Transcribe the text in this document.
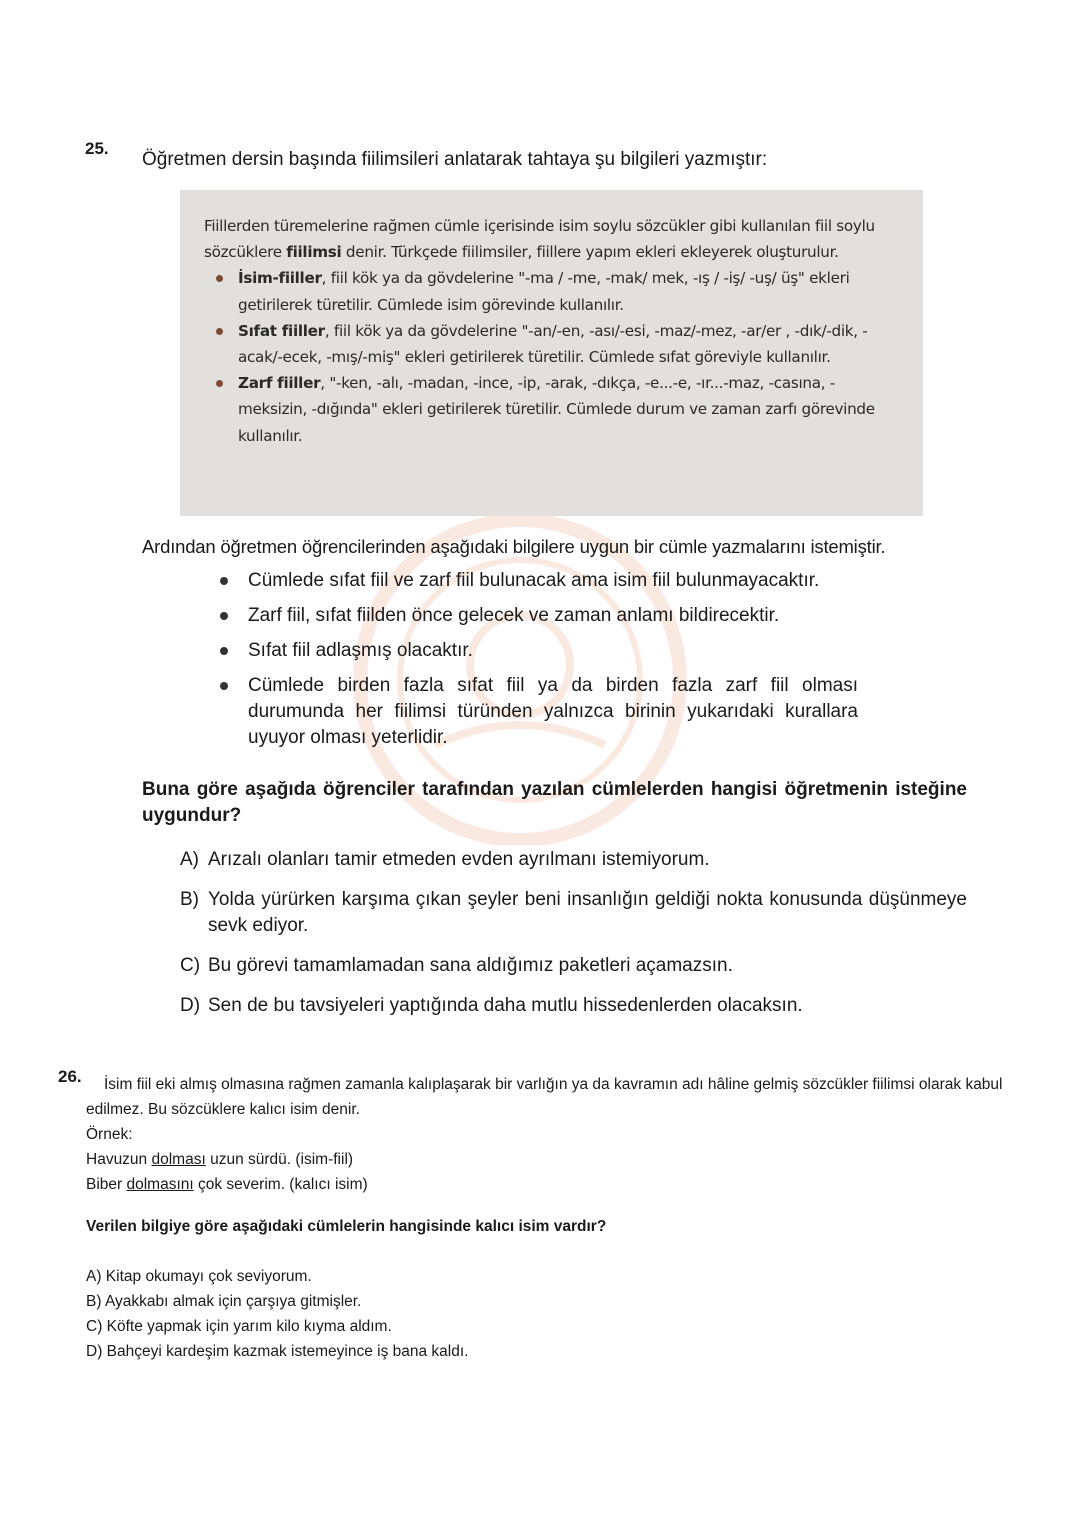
25.
Öğretmen dersin başında fiilimsileri anlatarak tahtaya şu bilgileri yazmıştır:
Fiillerden türemelerine rağmen cümle içerisinde isim soylu sözcükler gibi kullanılan fiil soylu sözcüklere fiilimsi denir. Türkçede fiilimsiler, fiillere yapım ekleri ekleyerek oluşturulur.
İsim-fiiller, fiil kök ya da gövdelerine "-ma / -me, -mak/ mek, -ış / -iş/ -uş/ üş" ekleri getirilerek türetilir. Cümlede isim görevinde kullanılır.
Sıfat fiiller, fiil kök ya da gövdelerine "-an/-en, -ası/-esi, -maz/-mez, -ar/er , -dık/-dik, -acak/-ecek, -mış/-miş" ekleri getirilerek türetilir. Cümlede sıfat göreviyle kullanılır.
Zarf fiiller, "-ken, -alı, -madan, -ince, -ip, -arak, -dıkça, -e...-e, -ır...-maz, -casına, -meksizin, -dığında" ekleri getirilerek türetilir. Cümlede durum ve zaman zarfı görevinde kullanılır.
Ardından öğretmen öğrencilerinden aşağıdaki bilgilere uygun bir cümle yazmalarını istemiştir.
Cümlede sıfat fiil ve zarf fiil bulunacak ama isim fiil bulunmayacaktır.
Zarf fiil, sıfat fiilden önce gelecek ve zaman anlamı bildirecektir.
Sıfat fiil adlaşmış olacaktır.
Cümlede birden fazla sıfat fiil ya da birden fazla zarf fiil olması durumunda her fiilimsi türünden yalnızca birinin yukarıdaki kurallara uyuyor olması yeterlidir.
Buna göre aşağıda öğrenciler tarafından yazılan cümlelerden hangisi öğretmenin isteğine uygundur?
A) Arızalı olanları tamir etmeden evden ayrılmanı istemiyorum.
B) Yolda yürürken karşıma çıkan şeyler beni insanlığın geldiği nokta konusunda düşünmeye sevk ediyor.
C) Bu görevi tamamlamadan sana aldığımız paketleri açamazsın.
D) Sen de bu tavsiyeleri yaptığında daha mutlu hissedenlerden olacaksın.
26.	İsim fiil eki almış olmasına rağmen zamanla kalıplaşarak bir varlığın ya da kavramın adı hâline gelmiş sözcükler fiilimsi olarak kabul edilmez. Bu sözcüklere kalıcı isim denir.
Örnek:
Havuzun dolması uzun sürdü. (isim-fiil)
Biber dolmasını çok severim. (kalıcı isim)
Verilen bilgiye göre aşağıdaki cümlelerin hangisinde kalıcı isim vardır?
A) Kitap okumayı çok seviyorum.
B) Ayakkabı almak için çarşıya gitmişler.
C) Köfte yapmak için yarım kilo kıyma aldım.
D) Bahçeyi kardeşim kazmak istemeyince iş bana kaldı.
